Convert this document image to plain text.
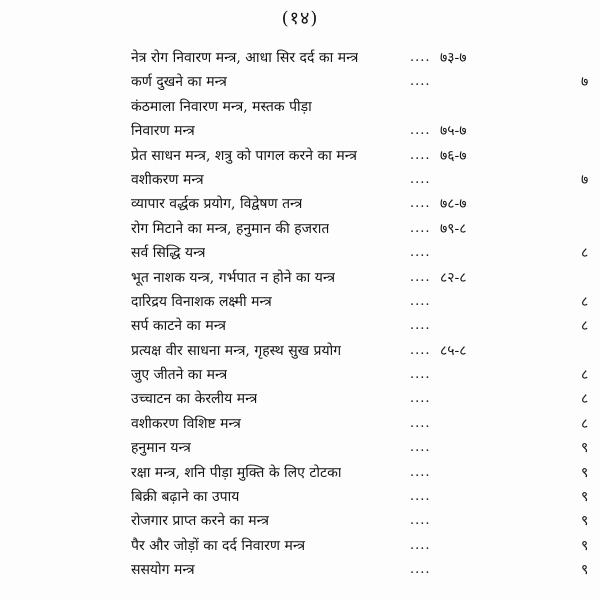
(१४)
नेत्र रोग निवारण मन्त्र, आधा सिर दर्द का मन्त्र	.... ७३-७
कर्ण दुखने का मन्त्र	....	७
कंठमाला निवारण मन्त्र, मस्तक पीड़ा
निवारण मन्त्र	.... ७५-७
प्रेत साधन मन्त्र, शत्रु को पागल करने का मन्त्र	.... ७६-७
वशीकरण मन्त्र	....	७
व्यापार वर्द्धक प्रयोग, विद्वेषण तन्त्र	.... ७८-७
रोग मिटाने का मन्त्र, हनुमान की हजरात	.... ७९-८
सर्व सिद्धि यन्त्र	....	८
भूत नाशक यन्त्र, गर्भपात न होने का यन्त्र	.... ८२-८
दारिद्रय विनाशक लक्ष्मी मन्त्र	....	८
सर्प काटने का मन्त्र	....	८
प्रत्यक्ष वीर साधना मन्त्र, गृहस्थ सुख प्रयोग	.... ८५-८
जुए जीतने का मन्त्र	....	८
उच्चाटन का केरलीय मन्त्र	....	८
वशीकरण विशिष्ट मन्त्र	....	८
हनुमान यन्त्र	....	९
रक्षा मन्त्र, शनि पीड़ा मुक्ति के लिए टोटका	....	९
बिक्री बढ़ाने का उपाय	....	९
रोजगार प्राप्त करने का मन्त्र	....	९
पैर और जोड़ों का दर्द निवारण मन्त्र	....	९
ससयोग मन्त्र	....	९
